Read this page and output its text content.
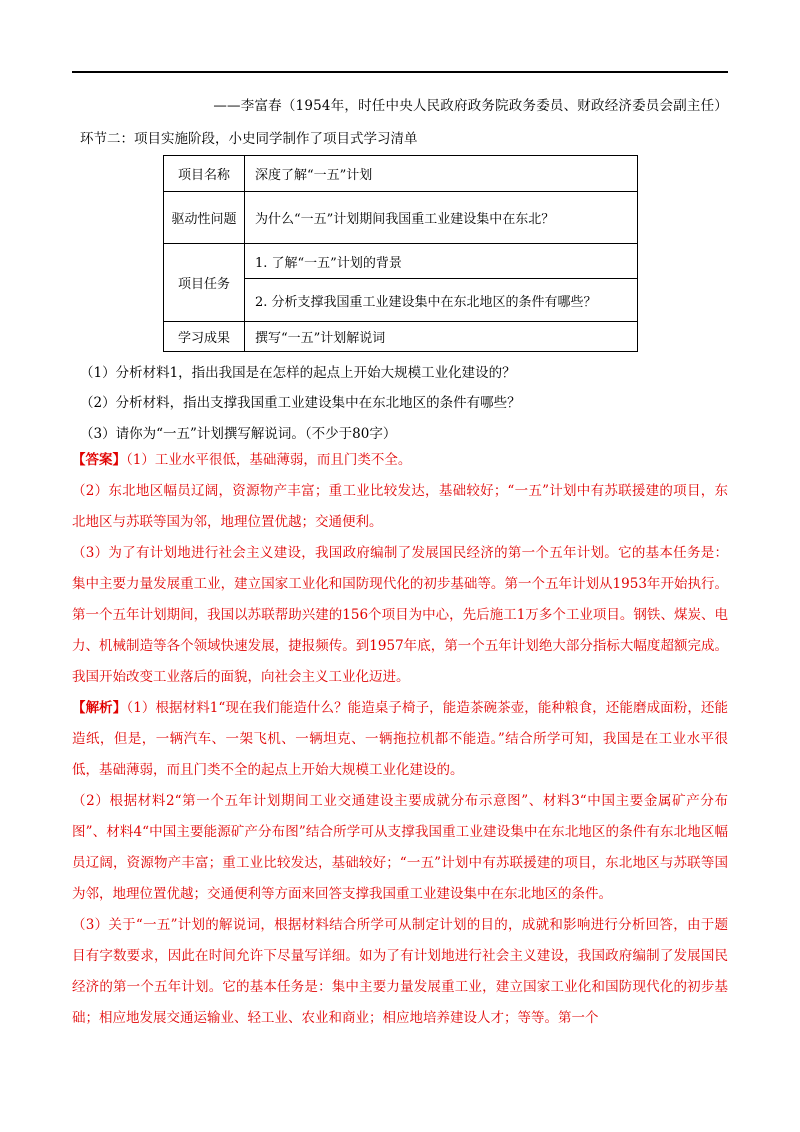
——李富春（1954年，时任中央人民政府政务院政务委员、财政经济委员会副主任）
环节二：项目实施阶段，小史同学制作了项目式学习清单
项目名称	深度了解“一五”计划
驱动性问题	为什么“一五”计划期间我国重工业建设集中在东北？
项目任务	1. 了解“一五”计划的背景
	2. 分析支撑我国重工业建设集中在东北地区的条件有哪些？
学习成果	撰写“一五”计划解说词
（1）分析材料1，指出我国是在怎样的起点上开始大规模工业化建设的？
（2）分析材料，指出支撑我国重工业建设集中在东北地区的条件有哪些？
（3）请你为“一五”计划撰写解说词。（不少于80字）
【答案】（1）工业水平很低，基础薄弱，而且门类不全。
（2）东北地区幅员辽阔，资源物产丰富；重工业比较发达，基础较好；“一五”计划中有苏联援建的项目，东北地区与苏联等国为邻，地理位置优越；交通便利。
（3）为了有计划地进行社会主义建设，我国政府编制了发展国民经济的第一个五年计划。它的基本任务是：集中主要力量发展重工业，建立国家工业化和国防现代化的初步基础等。第一个五年计划从1953年开始执行。第一个五年计划期间，我国以苏联帮助兴建的156个项目为中心，先后施工1万多个工业项目。钢铁、煤炭、电力、机械制造等各个领域快速发展，捷报频传。到1957年底，第一个五年计划绝大部分指标大幅度超额完成。我国开始改变工业落后的面貌，向社会主义工业化迈进。
【解析】（1）根据材料1“现在我们能造什么？能造桌子椅子，能造茶碗茶壶，能种粮食，还能磨成面粉，还能造纸，但是，一辆汽车、一架飞机、一辆坦克、一辆拖拉机都不能造。”结合所学可知，我国是在工业水平很低，基础薄弱，而且门类不全的起点上开始大规模工业化建设的。
（2）根据材料2“第一个五年计划期间工业交通建设主要成就分布示意图”、材料3“中国主要金属矿产分布图”、材料4“中国主要能源矿产分布图”结合所学可从支撑我国重工业建设集中在东北地区的条件有东北地区幅员辽阔，资源物产丰富；重工业比较发达，基础较好；“一五”计划中有苏联援建的项目，东北地区与苏联等国为邻，地理位置优越；交通便利等方面来回答支撑我国重工业建设集中在东北地区的条件。
（3）关于“一五”计划的解说词，根据材料结合所学可从制定计划的目的，成就和影响进行分析回答，由于题目有字数要求，因此在时间允许下尽量写详细。如为了有计划地进行社会主义建设，我国政府编制了发展国民经济的第一个五年计划。它的基本任务是：集中主要力量发展重工业，建立国家工业化和国防现代化的初步基础；相应地发展交通运输业、轻工业、农业和商业；相应地培养建设人才；等等。第一个
